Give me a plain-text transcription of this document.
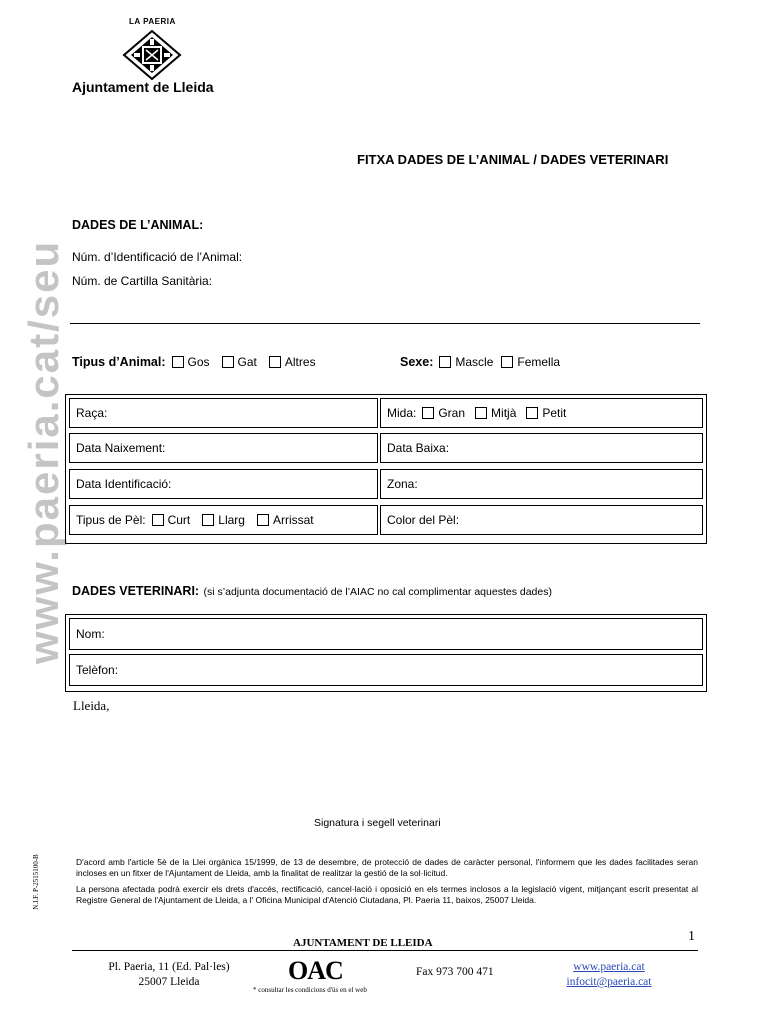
LA PAERIA
Ajuntament de Lleida
www.paeria.cat/seu
N.I.F. P-2515100-B
FITXA DADES DE L’ANIMAL / DADES VETERINARI
DADES DE L’ANIMAL:
Núm. d’Identificació de l’Animal:
Núm. de Cartilla Sanitària:
Tipus d’Animal: Gos Gat Altres	Sexe: Mascle Femella
Raça:	Mida: Gran Mitjà Petit
Data Naixement:	Data Baixa:
Data Identificació:	Zona:
Tipus de Pèl: Curt Llarg Arrissat	Color del Pèl:
DADES VETERINARI: (si s’adjunta documentació de l’AIAC no cal complimentar aquestes dades)
Nom:
Telèfon:
Lleida,
Signatura i segell veterinari
D'acord amb l'article 5è de la Llei orgànica 15/1999, de 13 de desembre, de protecció de dades de caràcter personal, l'informem que les dades facilitades seran incloses en un fitxer de l'Ajuntament de Lleida, amb la finalitat de realitzar la gestió de la sol·licitud.
La persona afectada podrà exercir els drets d'accés, rectificació, cancel·lació i oposició en els termes inclosos a la legislació vigent, mitjançant escrit presentat al Registre General de l'Ajuntament de Lleida, a l' Oficina Municipal d'Atenció Ciutadana, Pl. Paeria 11, baixos, 25007 Lleida.
AJUNTAMENT DE LLEIDA	1
Pl. Paeria, 11 (Ed. Pal·les)
25007 Lleida	OAC
* consultar les condicions d'ús en el web
Fax 973 700 471	www.paeria.cat
infocit@paeria.cat
